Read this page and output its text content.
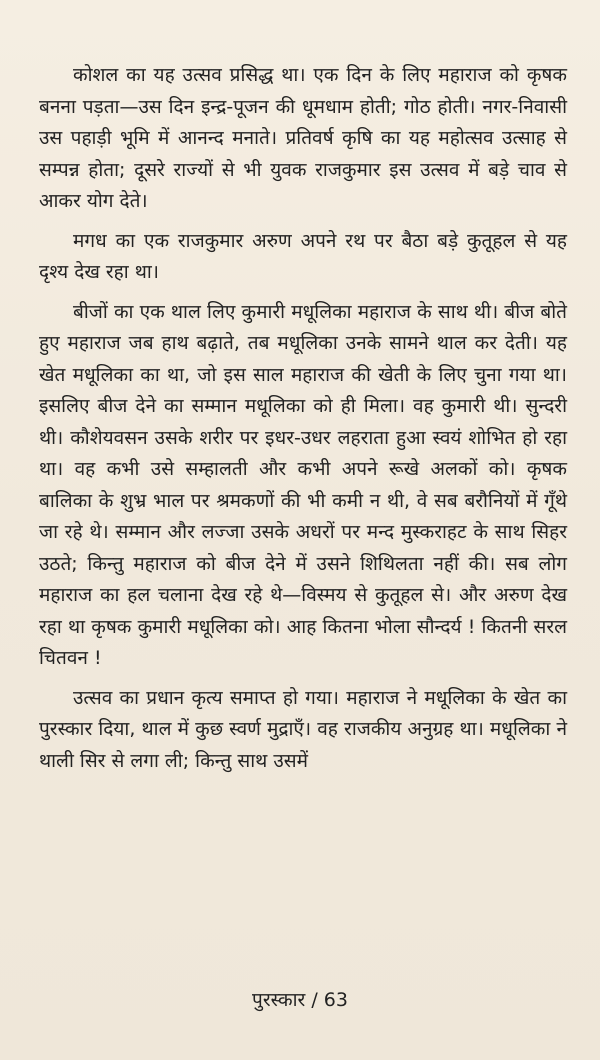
कोशल का यह उत्सव प्रसिद्ध था। एक दिन के लिए महाराज को कृषक बनना पड़ता—उस दिन इन्द्र-पूजन की धूमधाम होती; गोठ होती। नगर-निवासी उस पहाड़ी भूमि में आनन्द मनाते। प्रतिवर्ष कृषि का यह महोत्सव उत्साह से सम्पन्न होता; दूसरे राज्यों से भी युवक राजकुमार इस उत्सव में बड़े चाव से आकर योग देते।

मगध का एक राजकुमार अरुण अपने रथ पर बैठा बड़े कुतूहल से यह दृश्य देख रहा था।

बीजों का एक थाल लिए कुमारी मधूलिका महाराज के साथ थी। बीज बोते हुए महाराज जब हाथ बढ़ाते, तब मधूलिका उनके सामने थाल कर देती। यह खेत मधूलिका का था, जो इस साल महाराज की खेती के लिए चुना गया था। इसलिए बीज देने का सम्मान मधूलिका को ही मिला। वह कुमारी थी। सुन्दरी थी। कौशेयवसन उसके शरीर पर इधर-उधर लहराता हुआ स्वयं शोभित हो रहा था। वह कभी उसे सम्हालती और कभी अपने रूखे अलकों को। कृषक बालिका के शुभ्र भाल पर श्रमकणों की भी कमी न थी, वे सब बरौनियों में गूँथे जा रहे थे। सम्मान और लज्जा उसके अधरों पर मन्द मुस्कराहट के साथ सिहर उठते; किन्तु महाराज को बीज देने में उसने शिथिलता नहीं की। सब लोग महाराज का हल चलाना देख रहे थे—विस्मय से कुतूहल से। और अरुण देख रहा था कृषक कुमारी मधूलिका को। आह कितना भोला सौन्दर्य ! कितनी सरल चितवन !

उत्सव का प्रधान कृत्य समाप्त हो गया। महाराज ने मधूलिका के खेत का पुरस्कार दिया, थाल में कुछ स्वर्ण मुद्राएँ। वह राजकीय अनुग्रह था। मधूलिका ने थाली सिर से लगा ली; किन्तु साथ उसमें

पुरस्कार / 63
